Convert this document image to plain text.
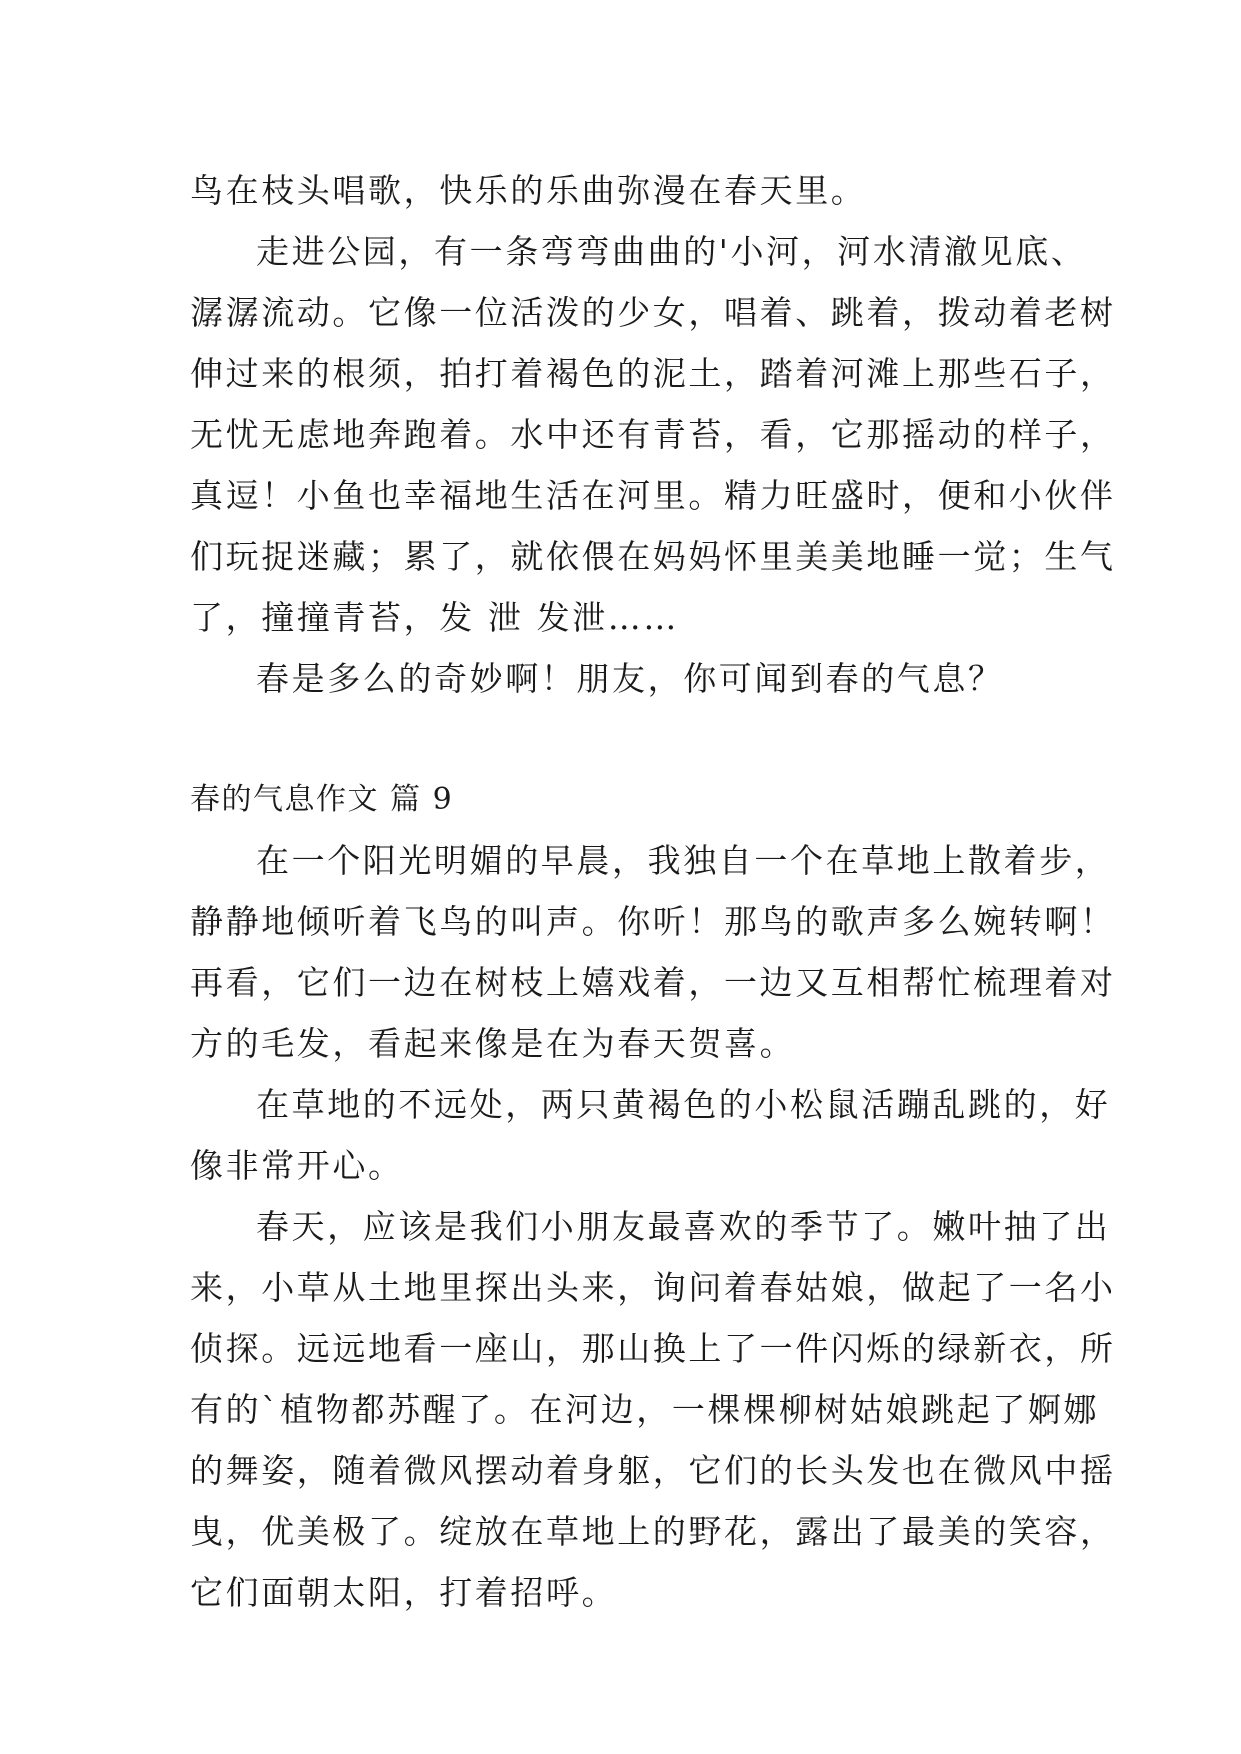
鸟在枝头唱歌，快乐的乐曲弥漫在春天里。
走进公园，有一条弯弯曲曲的'小河，河水清澈见底、
潺潺流动。它像一位活泼的少女，唱着、跳着，拨动着老树
伸过来的根须，拍打着褐色的泥土，踏着河滩上那些石子，
无忧无虑地奔跑着。水中还有青苔，看，它那摇动的样子，
真逗！小鱼也幸福地生活在河里。精力旺盛时，便和小伙伴
们玩捉迷藏；累了，就依偎在妈妈怀里美美地睡一觉；生气
了，撞撞青苔，发 泄 发泄……
春是多么的奇妙啊！朋友，你可闻到春的气息？
春的气息作文 篇 9
在一个阳光明媚的早晨，我独自一个在草地上散着步，
静静地倾听着飞鸟的叫声。你听！那鸟的歌声多么婉转啊！
再看，它们一边在树枝上嬉戏着，一边又互相帮忙梳理着对
方的毛发，看起来像是在为春天贺喜。
在草地的不远处，两只黄褐色的小松鼠活蹦乱跳的，好
像非常开心。
春天，应该是我们小朋友最喜欢的季节了。嫩叶抽了出
来，小草从土地里探出头来，询问着春姑娘，做起了一名小
侦探。远远地看一座山，那山换上了一件闪烁的绿新衣，所
有的`植物都苏醒了。在河边，一棵棵柳树姑娘跳起了婀娜
的舞姿，随着微风摆动着身躯，它们的长头发也在微风中摇
曳，优美极了。绽放在草地上的野花，露出了最美的笑容，
它们面朝太阳，打着招呼。
